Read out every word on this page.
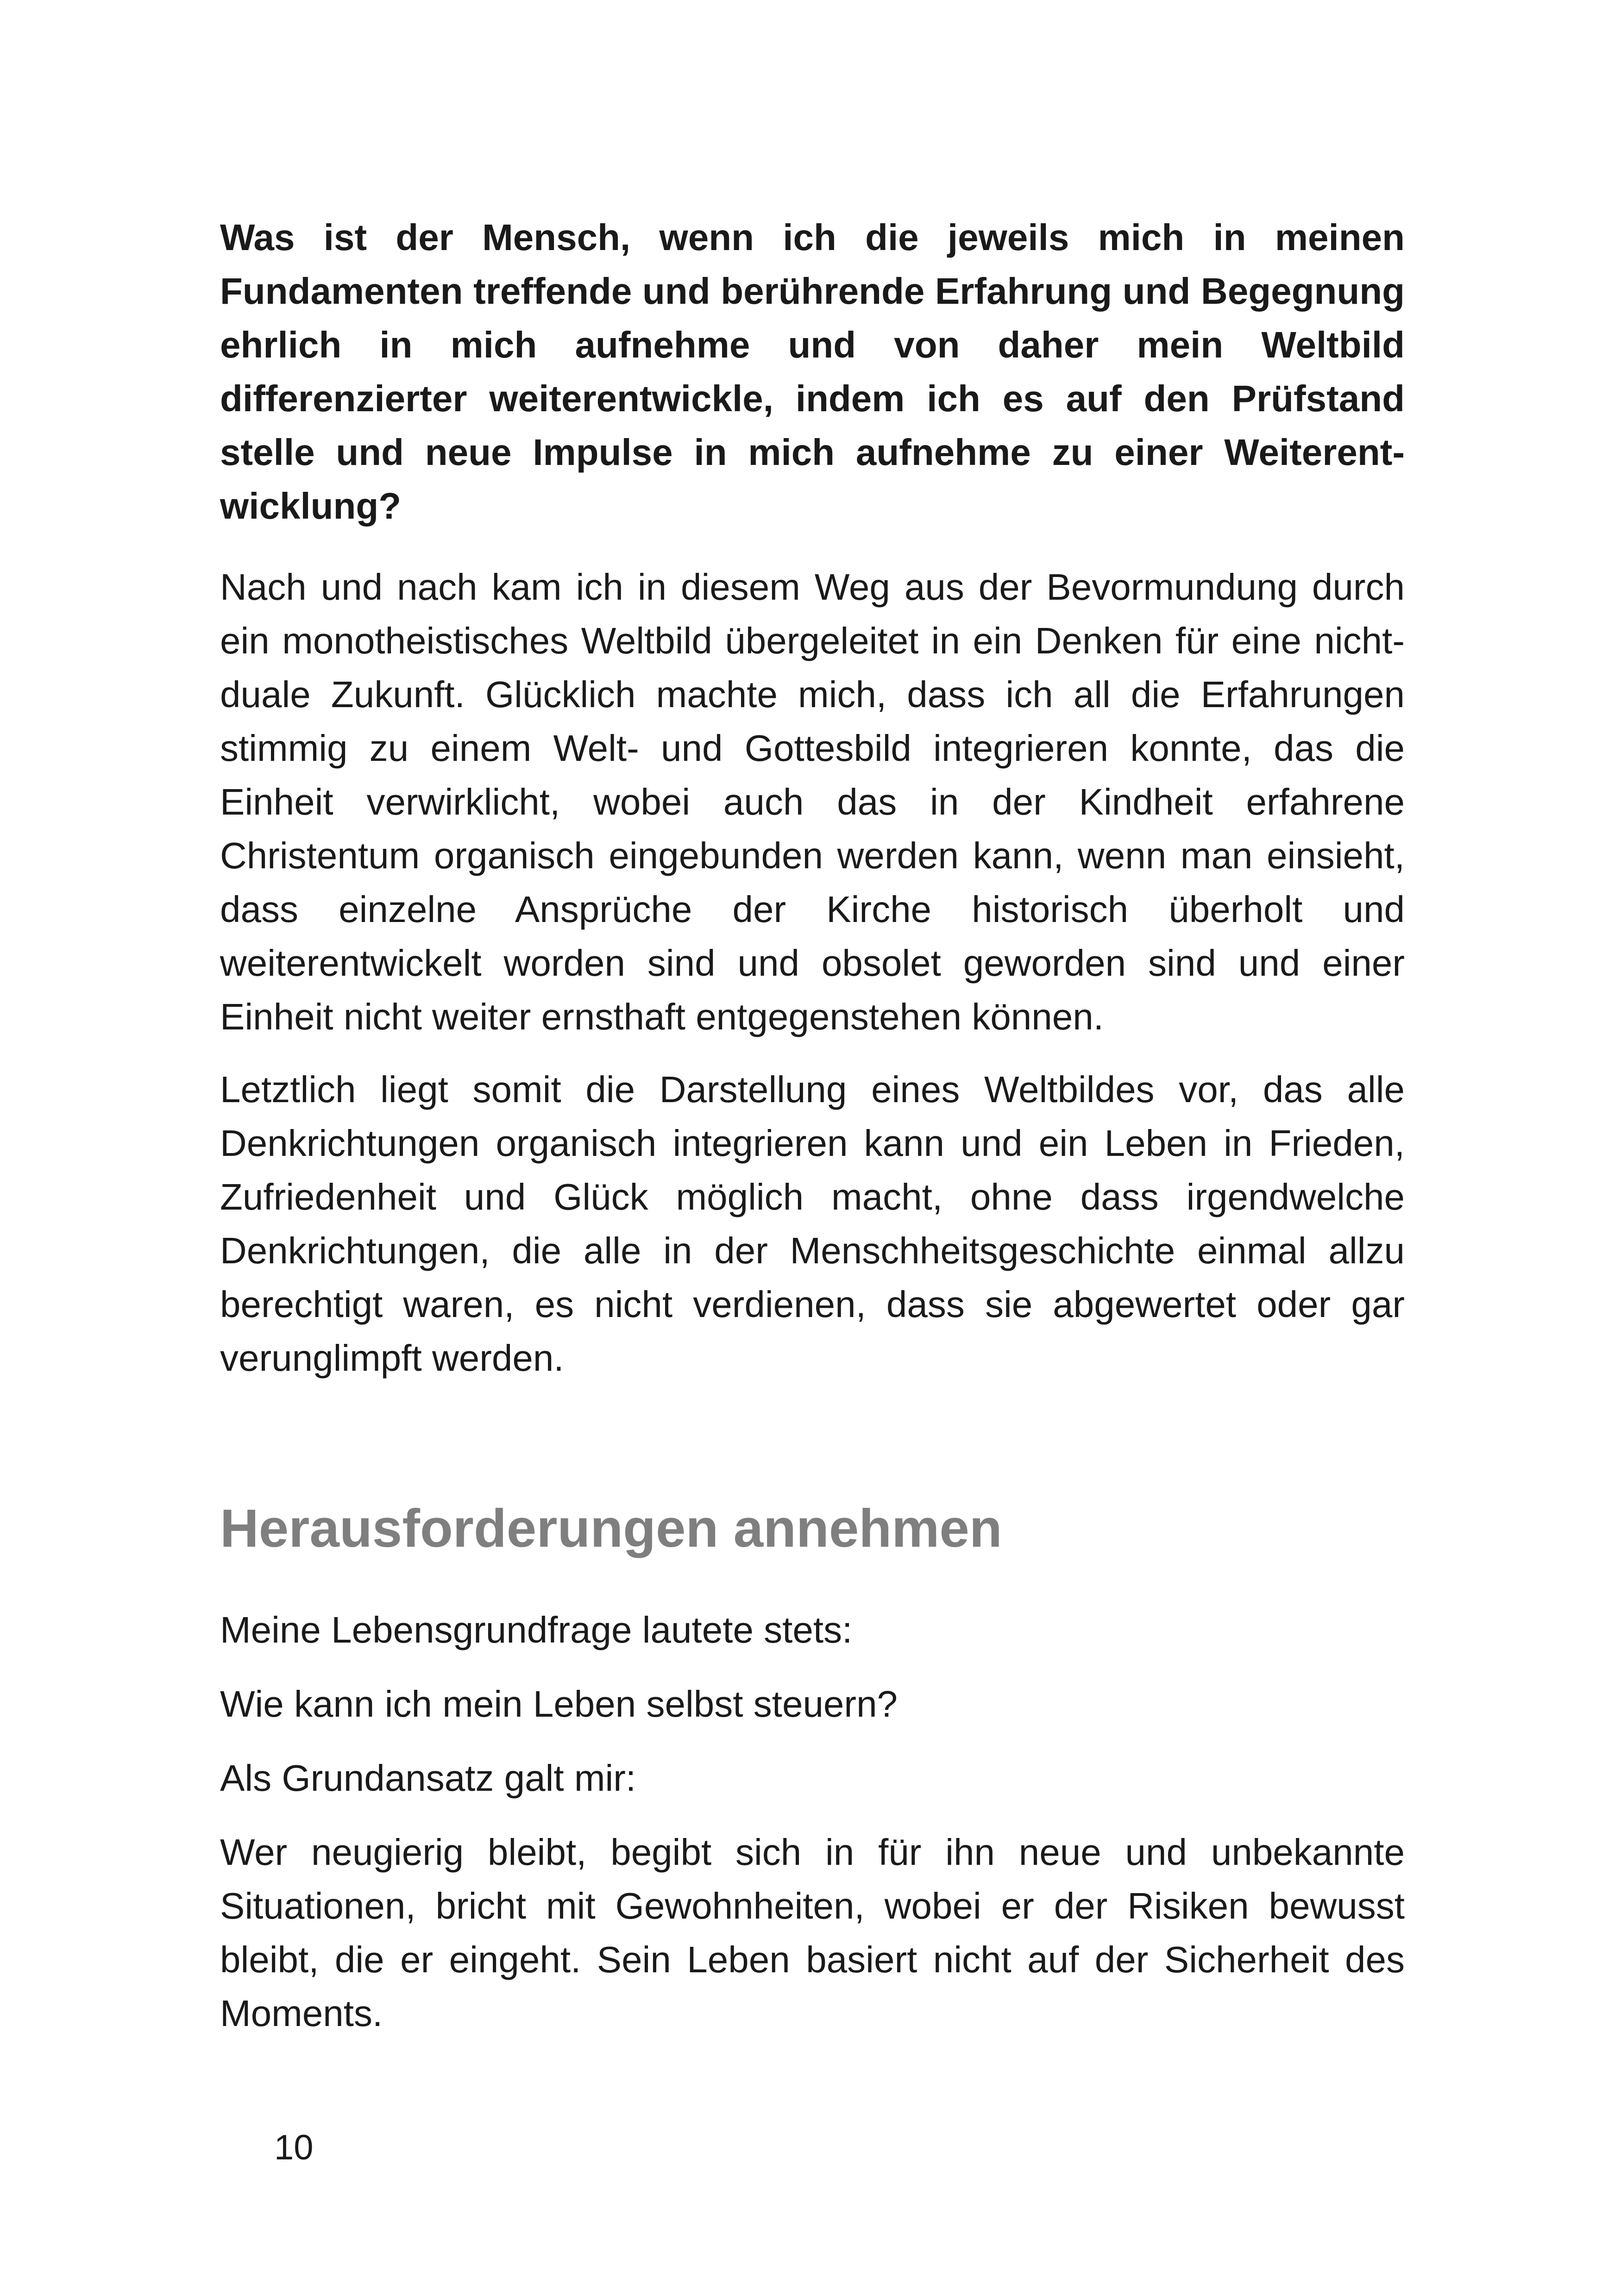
Was ist der Mensch, wenn ich die jeweils mich in meinen Fundamenten treffende und berührende Erfahrung und Begegnung ehrlich in mich aufnehme und von daher mein Weltbild differenzierter weiterentwickle, indem ich es auf den Prüfstand stelle und neue Impulse in mich aufnehme zu einer Weiterentwicklung?

Nach und nach kam ich in diesem Weg aus der Bevormundung durch ein monotheistisches Weltbild übergeleitet in ein Denken für eine nicht-duale Zukunft. Glücklich machte mich, dass ich all die Erfahrungen stimmig zu einem Welt- und Gottesbild integrieren konnte, das die Einheit verwirklicht, wobei auch das in der Kindheit erfahrene Christentum organisch eingebunden werden kann, wenn man einsieht, dass einzelne Ansprüche der Kirche historisch überholt und weiterentwickelt worden sind und obsolet geworden sind und einer Einheit nicht weiter ernsthaft entgegenstehen können.

Letztlich liegt somit die Darstellung eines Weltbildes vor, das alle Denkrichtungen organisch integrieren kann und ein Leben in Frieden, Zufriedenheit und Glück möglich macht, ohne dass irgendwelche Denkrichtungen, die alle in der Menschheitsgeschichte einmal allzu berechtigt waren, es nicht verdienen, dass sie abgewertet oder gar verunglimpft werden.

Herausforderungen annehmen

Meine Lebensgrundfrage lautete stets:

Wie kann ich mein Leben selbst steuern?

Als Grundansatz galt mir:

Wer neugierig bleibt, begibt sich in für ihn neue und unbekannte Situationen, bricht mit Gewohnheiten, wobei er der Risiken bewusst bleibt, die er eingeht. Sein Leben basiert nicht auf der Sicherheit des Moments.

10
